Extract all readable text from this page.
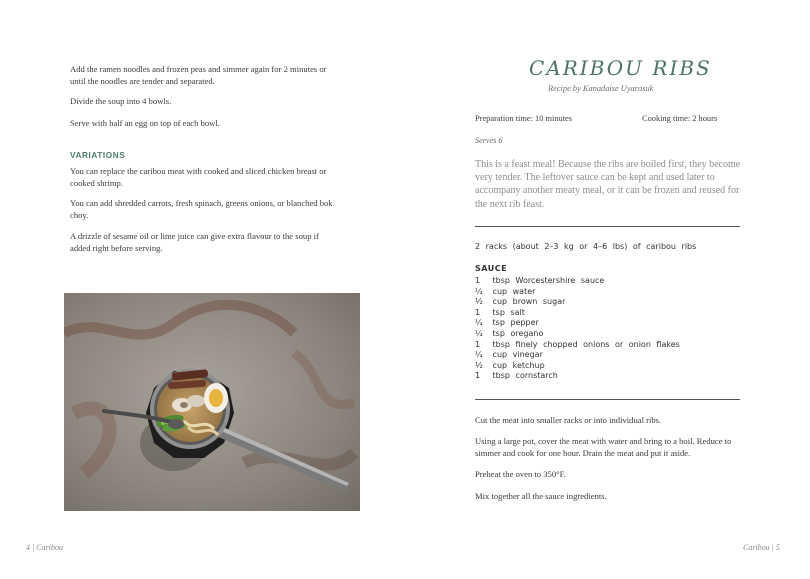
Add the ramen noodles and frozen peas and simmer again for 2 minutes or until the noodles are tender and separated.

Divide the soup into 4 bowls.

Serve with half an egg on top of each bowl.

VARIATIONS

You can replace the caribou meat with cooked and sliced chicken breast or cooked shrimp.

You can add shredded carrots, fresh spinach, greens onions, or blanched bok choy.

A drizzle of sesame oil or lime juice can give extra flavour to the soup if added right before serving.

4 | Caribou
CARIBOU RIBS
Recipe by Kanadaise Uyarasuk
Preparation time: 10 minutes	Cooking time: 2 hours
Serves 6

This is a feast meal! Because the ribs are boiled first, they become very tender. The leftover sauce can be kept and used later to accompany another meaty meal, or it can be frozen and reused for the next rib feast.

2 racks (about 2–3 kg or 4–6 lbs) of caribou ribs
SAUCE
1 tbsp Worcestershire sauce
¼ cup water
½ cup brown sugar
1 tsp salt
¼ tsp pepper
¼ tsp oregano
1 tbsp finely chopped onions or onion flakes
¼ cup vinegar
½ cup ketchup
1 tbsp cornstarch

Cut the meat into smaller racks or into individual ribs.

Using a large pot, cover the meat with water and bring to a boil. Reduce to simmer and cook for one hour. Drain the meat and put it aside.

Preheat the oven to 350°F.

Mix together all the sauce ingredients.

Caribou | 5
